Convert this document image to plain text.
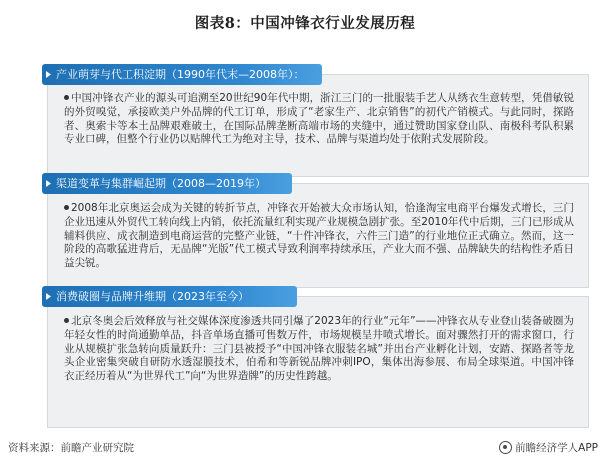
图表8：中国冲锋衣行业发展历程
产业萌芽与代工积淀期（1990年代末—2008年）：
中国冲锋衣产业的源头可追溯至20世纪90年代中期，浙江三门的一批服装手艺人从绣衣生意转型，凭借敏锐的外贸嗅觉，承接欧美户外品牌的代工订单，形成了“老家生产、北京销售”的初代产销模式。与此同时，探路者、奥索卡等本土品牌艰难破土，在国际品牌垄断高端市场的夹缝中，通过赞助国家登山队、南极科考队积累专业口碑，但整个行业仍以贴牌代工为绝对主导，技术、品牌与渠道均处于依附式发展阶段。
渠道变革与集群崛起期（2008—2019年）
2008年北京奥运会成为关键的转折节点，冲锋衣开始被大众市场认知，恰逢淘宝电商平台爆发式增长，三门企业迅速从外贸代工转向线上内销，依托流量红利实现产业规模急剧扩张。至2010年代中后期，三门已形成从辅料供应、成衣制造到电商运营的完整产业链，“十件冲锋衣，六件三门造”的行业地位正式确立。然而，这一阶段的高歌猛进背后，无品牌“光版”代工模式导致利润率持续承压，产业大而不强、品牌缺失的结构性矛盾日益尖锐。
消费破圈与品牌升维期（2023年至今）
北京冬奥会后效释放与社交媒体深度渗透共同引爆了2023年的行业“元年”——冲锋衣从专业登山装备破圈为年轻女性的时尚通勤单品，抖音单场直播可售数万件，市场规模呈井喷式增长。面对骤然打开的需求窗口，行业从规模扩张急转向质量跃升：三门县被授予“中国冲锋衣服装名城”并出台产业孵化计划，安踏、探路者等龙头企业密集突破自研防水透湿膜技术，伯希和等新锐品牌冲刺IPO，集体出海参展、布局全球渠道。中国冲锋衣正经历着从“为世界代工”向“为世界造牌”的历史性跨越。
资料来源：前瞻产业研究院	前瞻经济学人APP
